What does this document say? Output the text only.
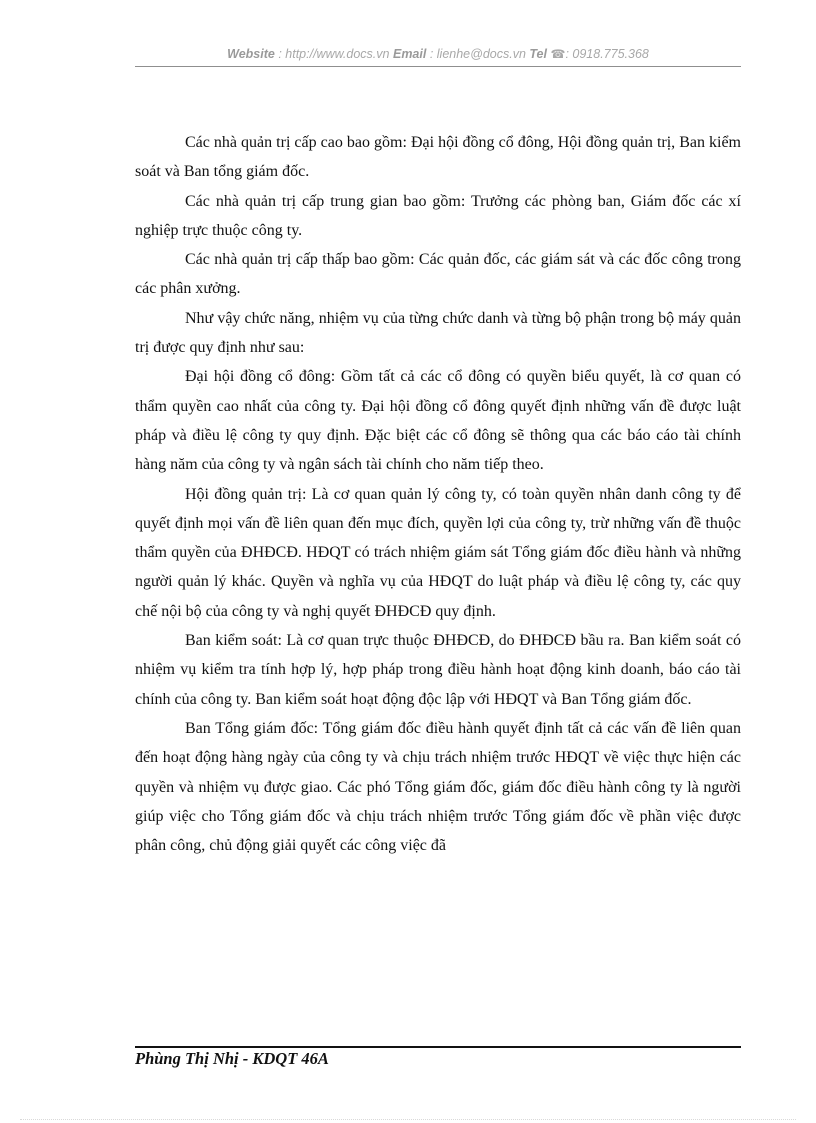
Website : http://www.docs.vn Email : lienhe@docs.vn Tel ☎: 0918.775.368

Các nhà quản trị cấp cao bao gồm: Đại hội đồng cổ đông, Hội đồng quản trị, Ban kiểm soát và Ban tổng giám đốc.

Các nhà quản trị cấp trung gian bao gồm: Trưởng các phòng ban, Giám đốc các xí nghiệp trực thuộc công ty.

Các nhà quản trị cấp thấp bao gồm: Các quản đốc, các giám sát và các đốc công trong các phân xưởng.

Như vậy chức năng, nhiệm vụ của từng chức danh và từng bộ phận trong bộ máy quản trị được quy định như sau:

Đại hội đồng cổ đông: Gồm tất cả các cổ đông có quyền biểu quyết, là cơ quan có thẩm quyền cao nhất của công ty. Đại hội đồng cổ đông quyết định những vấn đề được luật pháp và điều lệ công ty quy định. Đặc biệt các cổ đông sẽ thông qua các báo cáo tài chính hàng năm của công ty và ngân sách tài chính cho năm tiếp theo.

Hội đồng quản trị: Là cơ quan quản lý công ty, có toàn quyền nhân danh công ty để quyết định mọi vấn đề liên quan đến mục đích, quyền lợi của công ty, trừ những vấn đề thuộc thẩm quyền của ĐHĐCĐ. HĐQT có trách nhiệm giám sát Tổng giám đốc điều hành và những người quản lý khác. Quyền và nghĩa vụ của HĐQT do luật pháp và điều lệ công ty, các quy chế nội bộ của công ty và nghị quyết ĐHĐCĐ quy định.

Ban kiểm soát: Là cơ quan trực thuộc ĐHĐCĐ, do ĐHĐCĐ bầu ra. Ban kiểm soát có nhiệm vụ kiểm tra tính hợp lý, hợp pháp trong điều hành hoạt động kinh doanh, báo cáo tài chính của công ty. Ban kiểm soát hoạt động độc lập với HĐQT và Ban Tổng giám đốc.

Ban Tổng giám đốc: Tổng giám đốc điều hành quyết định tất cả các vấn đề liên quan đến hoạt động hàng ngày của công ty và chịu trách nhiệm trước HĐQT về việc thực hiện các quyền và nhiệm vụ được giao. Các phó Tổng giám đốc, giám đốc điều hành công ty là người giúp việc cho Tổng giám đốc và chịu trách nhiệm trước Tổng giám đốc về phần việc được phân công, chủ động giải quyết các công việc đã

Phùng Thị Nhị - KDQT 46A
